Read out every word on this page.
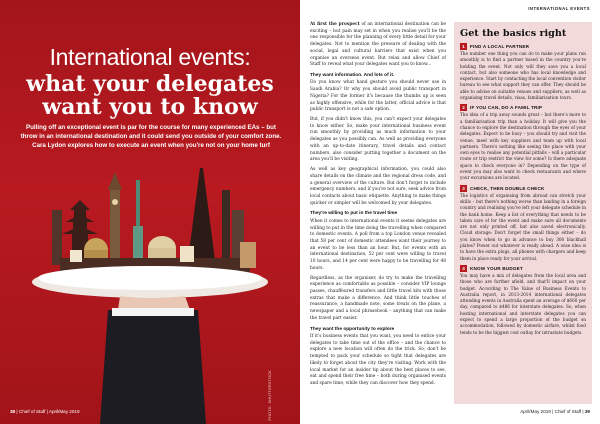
International events:
what your delegates
want you to know
Pulling off an exceptional event is par for the course for many experienced EAs – but throw in an international destination and it could send you outside of your comfort zone. Cara Lydon explores how to execute an event when you're not on your home turf
PHOTO: SHUTTERSTOCK
38 | Chief of Staff | April/May 2019
INTERNATIONAL EVENTS

At first the prospect of an international destination can be exciting – but pain may set in when you realise you'll be the one responsible for the planning of every little detail for your delegates. Not to mention the pressure of dealing with the social, legal and cultural barriers that exist when you organise an overseas event. But relax and allow Chief of Staff to reveal what your delegates want you to know...

They want information. And lots of it.

Do you know what hand gesture you should never use in Saudi Arabia? Or why you should avoid public transport in Nigeria? For the former it's because the thumbs up is seen as highly offensive, while for the latter, official advice is that public transport is not a safe option.

But, if you didn't know this, you can't expect your delegates to know either. So, make your international business event run smoothly by providing as much information to your delegates as you possibly can. As well as providing everyone with an up-to-date itinerary, travel details and contact numbers, also consider putting together a document on the area you'll be visiting.

As well as key geographical information, you could also share details on the climate and the regional dress code, and a general overview of the culture. But don't forget to include emergency numbers, and if you're not sure, seek advice from local contacts about basic etiquette. Anything to make things quicker or simpler will be welcomed by your delegates.

They're willing to put in the travel time

When it comes to international events it seems delegates are willing to put in the time doing the travelling when compared to domestic events. A poll from a top London venue revealed that 58 per cent of domestic attendees want their journey to an event to be less than an hour. But, for events with an international destination, 52 per cent were willing to travel 10 hours, and 14 per cent were happy to be travelling for 48 hours.

Regardless, as the organiser, do try to make the travelling experience as comfortable as possible – consider VIP lounge passes, chauffeured transfers and little travel kits with those extras that make a difference. And think little touches of reassurance, a handmade note, some treats on the plane, a newspaper and a local phrasebook – anything that can make the travel part easier.

They want the opportunity to explore

If it's business events that you want, you need to entice your delegates to take time out of the office – and the chance to explore a new location will often do the trick. So, don't be tempted to pack your schedule so tight that delegates are likely to forget about the city they're visiting. Work with the local market for an insider tip about the best places to see, eat and spend their free time – both during organised events and spare time, while they can discover how they spend.

Get the basics right
1	FIND A LOCAL PARTNER
The number one thing you can do to make your plans run smoothly is to find a partner based in the country you're holding the event. Not only will they save you a local contact, but also someone who has local knowledge and experience. Start by contacting the local convention visitor bureau to see what support they can offer. They should be able to advise on suitable venues and suppliers, as well as organising travel details, visas, familiarisation tours.
2	IF YOU CAN, DO A FAMIL TRIP
The idea of a trip away sounds great – but there's more to a familiarisation trip than a holiday. It will give you the chance to explore the destination through the eyes of your delegates. Expect to be busy – you should try and visit the venue, meet with key suppliers and team up with local partners. There's nothing like seeing the place with your own eyes to realise any potential pitfalls – will a particular route or trip restrict the view for some? Is there adequate space to check everyone in? Depending on the type of event you may also want to check restaurants and where your excursions are located.
3	CHECK, THEN DOUBLE CHECK
The logistics of organising from abroad can stretch your skills – but there's nothing worse than landing in a foreign country and realising you've left your delegate schedule in the bank home. Keep a list of everything that needs to be taken care of for the event and make sure all documents are not only printed off, but also saved electronically. Cloud storage: Don't forget the small things either – do you know when to go in advance to buy 300 blackhall plates? Power out whatever is ready ahead. A wise idea is to have the extra plugs, all phones with chargers and keep them in place ready for your arrival.
4	KNOW YOUR BUDGET
You may have a mix of delegates from the local area and those who are further afield, and that'll impact on your budget. According to The Value of Business Events to Australia report, in 2013-2014 international delegates attending events in Australia spent an average of $660 per day, compared to $486 for interstate delegates. So, when hosting international and interstate delegates you can expect to spend a large proportion of the budget on accommodation, followed by domestic airfare, whilst food tends to be the biggest cost outlay for intrastate budgets.
April/May 2019 | Chief of Staff | 39
